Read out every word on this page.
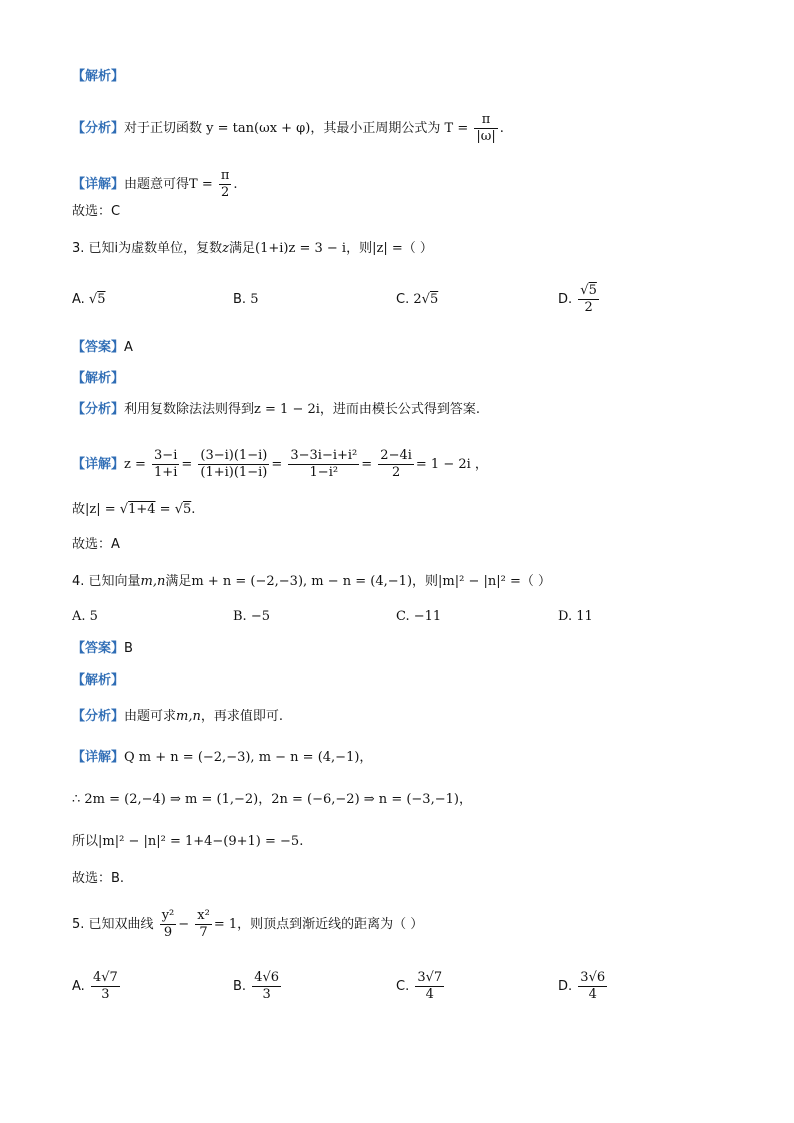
【解析】
【分析】对于正切函数 y = tan(ωx + φ)，其最小正周期公式为 $T = \frac{\pi}{|\omega|}$ .
【详解】由题意可得$T = \frac{\pi}{2}$ .
故选：C
3. 已知i为虚数单位，复数z满足(1+i)z = 3 − i，则|z| =（ ）
A. √5	B. 5	C. 2√5	D. $\frac{√5}{2}$
【答案】A
【解析】
【分析】利用复数除法法则得到z = 1 − 2i，进而由模长公式得到答案.
【详解】$z = \frac{3-i}{1+i} = \frac{(3-i)(1-i)}{(1+i)(1-i)} = \frac{\text{3−3i−i+i²}}{\text{1−i²}} = \frac{2-4i}{2} = 1 - 2i$ ，
故|z| = √1+4 = √5.
故选：A
4. 已知向量m,n满足m + n = (−2,−3), m − n = (4,−1)，则|m|² − |n|² =（ ）
A. 5	B. −5	C. −11	D. 11
【答案】B
【解析】
【分析】由题可求m,n，再求值即可.
【详解】Q m + n = (−2,−3), m − n = (4,−1)，
∴ 2m = (2,−4) ⇒ m = (1,−2)，2n = (−6,−2) ⇒ n = (−3,−1)，
所以|m|² − |n|² = 1+4−(9+1) = −5.
故选：B.
5. 已知双曲线 $\frac{\text{y²}}{9} - \frac{\text{x²}}{7} = 1$，则顶点到渐近线的距离为（ ）
A. $\frac{4√7}{3}$	B. $\frac{4√6}{3}$	C. $\frac{3√7}{4}$	D. $\frac{3√6}{4}$
